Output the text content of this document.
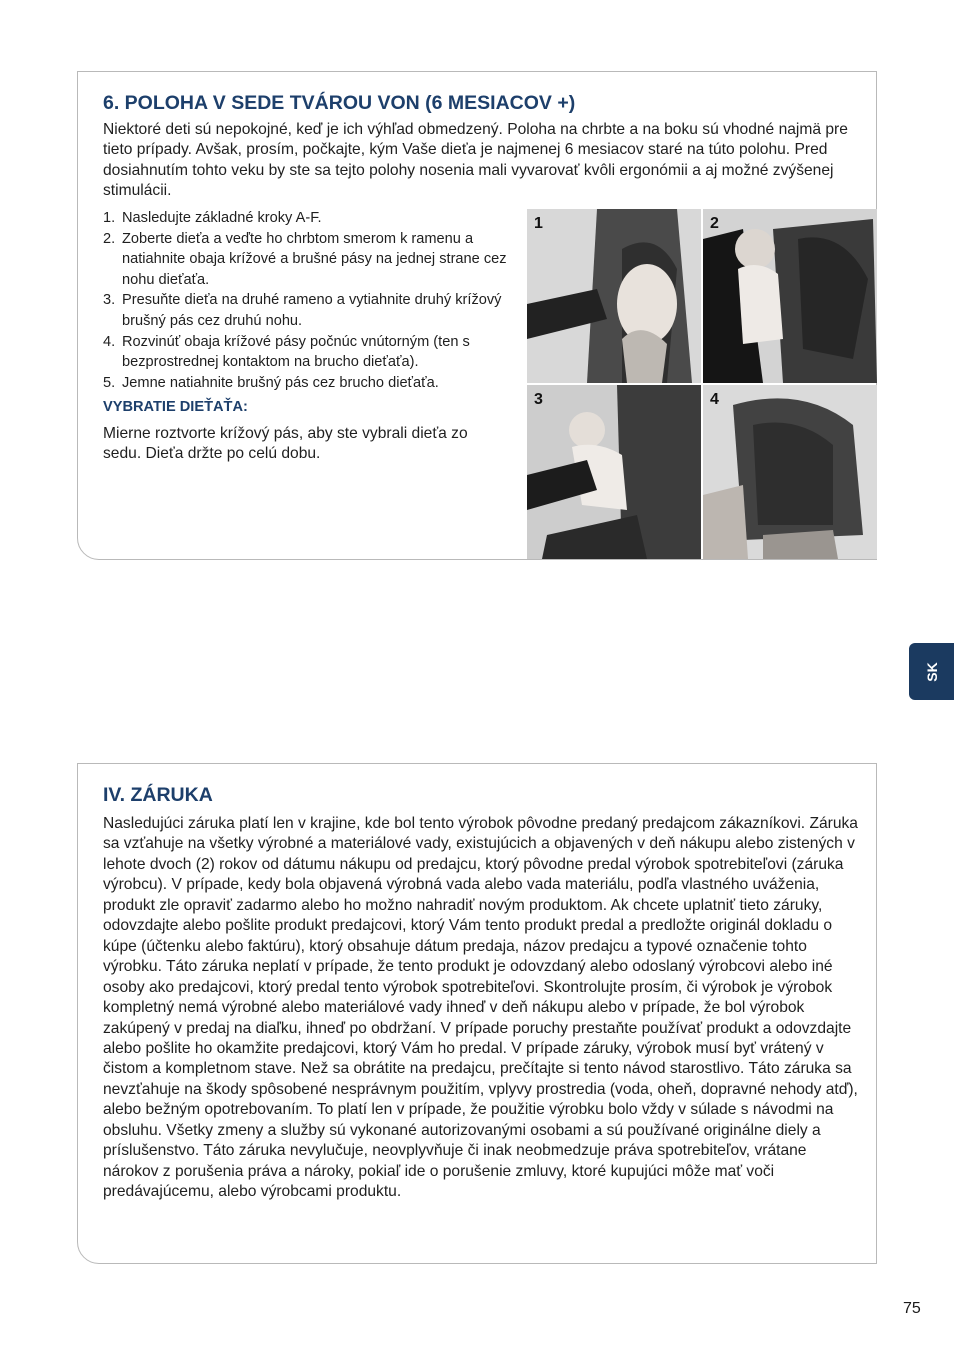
6. POLOHA V SEDE TVÁROU VON (6 MESIACOV +)

Niektoré deti sú nepokojné, keď je ich výhľad obmedzený. Poloha na chrbte a na boku sú vhodné najmä pre tieto prípady. Avšak, prosím, počkajte, kým Vaše dieťa je najmenej 6 mesiacov staré na túto polohu. Pred dosiahnutím tohto veku by ste sa tejto polohy nosenia mali vyvarovať kvôli ergonómii a aj možné zvýšenej stimulácii.

1. Nasledujte základné kroky A-F.
2. Zoberte dieťa a veďte ho chrbtom smerom k ramenu a natiahnite obaja krížové a brušné pásy na jednej strane cez nohu dieťaťa.
3. Presuňte dieťa na druhé rameno a vytiahnite druhý krížový brušný pás cez druhú nohu.
4. Rozvinúť obaja krížové pásy počnúc vnútorným (ten s bezprostrednej kontaktom na brucho dieťaťa).
5. Jemne natiahnite brušný pás cez brucho dieťaťa.
VYBRATIE DIEŤAŤA:

Mierne roztvorte krížový pás, aby ste vybrali dieťa zo sedu. Dieťa držte po celú dobu.

1	2
3	4
SK
IV. ZÁRUKA

Nasledujúci záruka platí len v krajine, kde bol tento výrobok pôvodne predaný predajcom zákazníkovi. Záruka sa vzťahuje na všetky výrobné a materiálové vady, existujúcich a objavených v deň nákupu alebo zistených v lehote dvoch (2) rokov od dátumu nákupu od predajcu, ktorý pôvodne predal výrobok spotrebiteľovi (záruka výrobcu). V prípade, kedy bola objavená výrobná vada alebo vada materiálu, podľa vlastného uváženia, produkt zle opraviť zadarmo alebo ho možno nahradiť novým produktom. Ak chcete uplatniť tieto záruky, odovzdajte alebo pošlite produkt predajcovi, ktorý Vám tento produkt predal a predložte originál dokladu o kúpe (účtenku alebo faktúru), ktorý obsahuje dátum predaja, názov predajcu a typové označenie tohto výrobku. Táto záruka neplatí v prípade, že tento produkt je odovzdaný alebo odoslaný výrobcovi alebo iné osoby ako predajcovi, ktorý predal tento výrobok spotrebiteľovi. Skontrolujte prosím, či výrobok je výrobok kompletný nemá výrobné alebo materiálové vady ihneď v deň nákupu alebo v prípade, že bol výrobok zakúpený v predaj na diaľku, ihneď po obdržaní. V prípade poruchy prestaňte používať produkt a odovzdajte alebo pošlite ho okamžite predajcovi, ktorý Vám ho predal. V prípade záruky, výrobok musí byť vrátený v čistom a kompletnom stave. Než sa obrátite na predajcu, prečítajte si tento návod starostlivo. Táto záruka sa nevzťahuje na škody spôsobené nesprávnym použitím, vplyvy prostredia (voda, oheň, dopravné nehody atď), alebo bežným opotrebovaním. To platí len v prípade, že použitie výrobku bolo vždy v súlade s návodmi na obsluhu. Všetky zmeny a služby sú vykonané autorizovanými osobami a sú používané originálne diely a príslušenstvo. Táto záruka nevylučuje, neovplyvňuje či inak neobmedzuje práva spotrebiteľov, vrátane nárokov z porušenia práva a nároky, pokiaľ ide o porušenie zmluvy, ktoré kupujúci môže mať voči predávajúcemu, alebo výrobcami produktu.

75
